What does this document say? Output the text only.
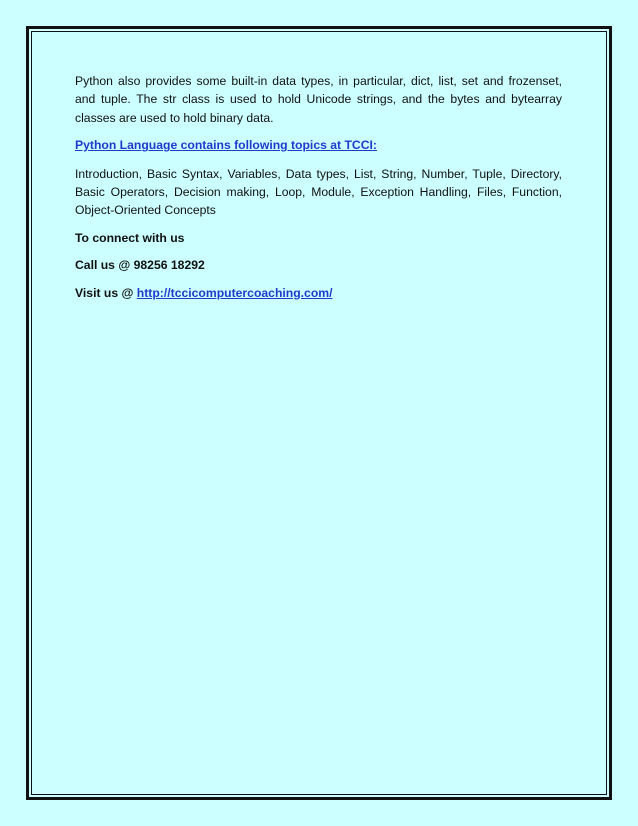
Python also provides some built-in data types, in particular, dict, list, set and frozenset, and tuple. The str class is used to hold Unicode strings, and the bytes and bytearray classes are used to hold binary data.

Python Language contains following topics at TCCI:

Introduction, Basic Syntax, Variables, Data types, List, String, Number, Tuple, Directory, Basic Operators, Decision making, Loop, Module, Exception Handling, Files, Function, Object-Oriented Concepts

To connect with us

Call us @ 98256 18292

Visit us @ http://tccicomputercoaching.com/
